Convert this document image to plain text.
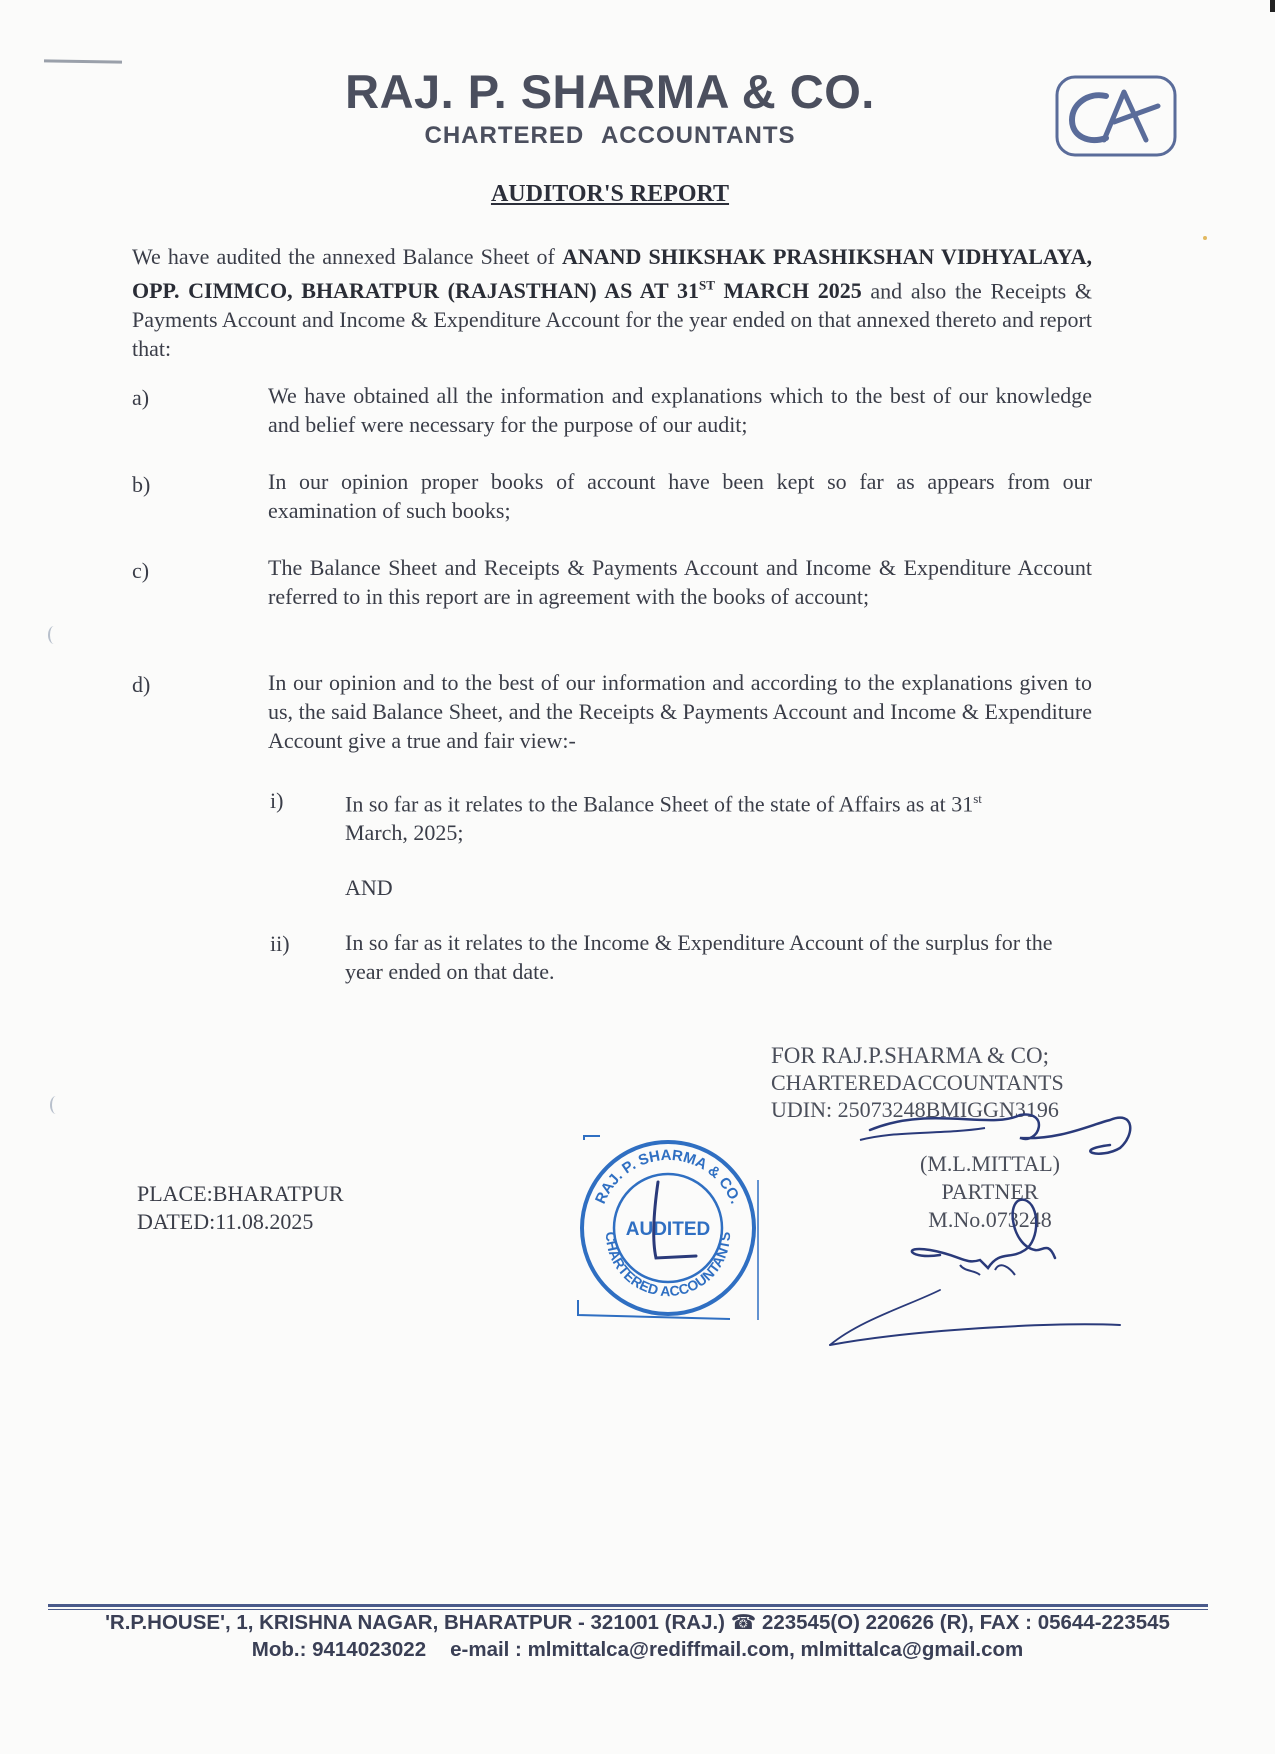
RAJ. P. SHARMA & CO.
CHARTERED ACCOUNTANTS
AUDITOR'S REPORT
We have audited the annexed Balance Sheet of ANAND SHIKSHAK PRASHIKSHAN VIDHYALAYA, OPP. CIMMCO, BHARATPUR (RAJASTHAN) AS AT 31ST MARCH 2025 and also the Receipts & Payments Account and Income & Expenditure Account for the year ended on that annexed thereto and report that:
a)	We have obtained all the information and explanations which to the best of our knowledge and belief were necessary for the purpose of our audit;
b)	In our opinion proper books of account have been kept so far as appears from our examination of such books;
c)	The Balance Sheet and Receipts & Payments Account and Income & Expenditure Account referred to in this report are in agreement with the books of account;
d)	In our opinion and to the best of our information and according to the explanations given to us, the said Balance Sheet, and the Receipts & Payments Account and Income & Expenditure Account give a true and fair view:-
i)	In so far as it relates to the Balance Sheet of the state of Affairs as at 31st
March, 2025;
AND
ii)	In so far as it relates to the Income & Expenditure Account of the surplus for the year ended on that date.
FOR RAJ.P.SHARMA & CO;
CHARTEREDACCOUNTANTS
UDIN: 25073248BMIGGN3196
(M.L.MITTAL)
PARTNER
M.No.073248
PLACE:BHARATPUR
DATED:11.08.2025
RAJ. P. SHARMA & CO.
CHARTERED ACCOUNTANTS
AUDITED
'R.P.HOUSE', 1, KRISHNA NAGAR, BHARATPUR - 321001 (RAJ.) ☎ 223545(O) 220626 (R), FAX : 05644-223545
Mob.: 9414023022 e-mail : mlmittalca@rediffmail.com, mlmittalca@gmail.com
